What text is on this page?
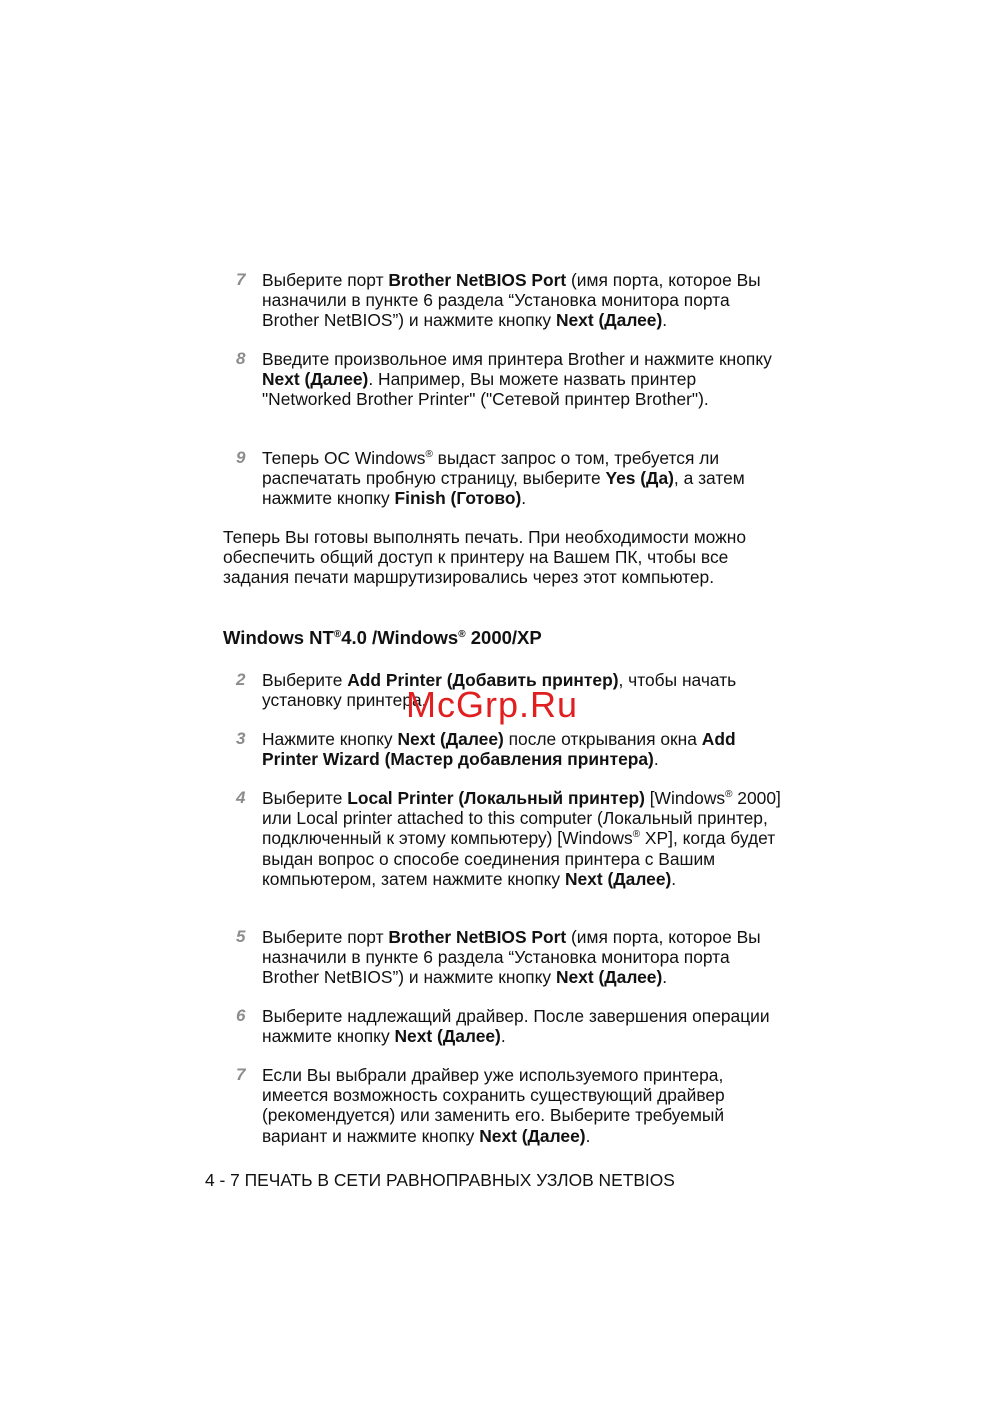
7 Выберите порт Brother NetBIOS Port (имя порта, которое Вы назначили в пункте 6 раздела “Установка монитора порта Brother NetBIOS”) и нажмите кнопку Next (Далее).
8 Введите произвольное имя принтера Brother и нажмите кнопку Next (Далее). Например, Вы можете назвать принтер "Networked Brother Printer" ("Сетевой принтер Brother").
9 Теперь ОС Windows® выдаст запрос о том, требуется ли распечатать пробную страницу, выберите Yes (Да), а затем нажмите кнопку Finish (Готово).
Теперь Вы готовы выполнять печать. При необходимости можно обеспечить общий доступ к принтеру на Вашем ПК, чтобы все задания печати маршрутизировались через этот компьютер.
Windows NT®4.0 /Windows® 2000/XP
2 Выберите Add Printer (Добавить принтер), чтобы начать установку принтера.
3 Нажмите кнопку Next (Далее) после открывания окна Add Printer Wizard (Мастер добавления принтера).
4 Выберите Local Printer (Локальный принтер) [Windows® 2000] или Local printer attached to this computer (Локальный принтер, подключенный к этому компьютеру) [Windows® XP], когда будет выдан вопрос о способе соединения принтера с Вашим компьютером, затем нажмите кнопку Next (Далее).
5 Выберите порт Brother NetBIOS Port (имя порта, которое Вы назначили в пункте 6 раздела “Установка монитора порта Brother NetBIOS”) и нажмите кнопку Next (Далее).
6 Выберите надлежащий драйвер. После завершения операции нажмите кнопку Next (Далее).
7 Если Вы выбрали драйвер уже используемого принтера, имеется возможность сохранить существующий драйвер (рекомендуется) или заменить его. Выберите требуемый вариант и нажмите кнопку Next (Далее).
4 - 7 ПЕЧАТЬ В СЕТИ РАВНОПРАВНЫХ УЗЛОВ NETBIOS
McGrp.Ru
